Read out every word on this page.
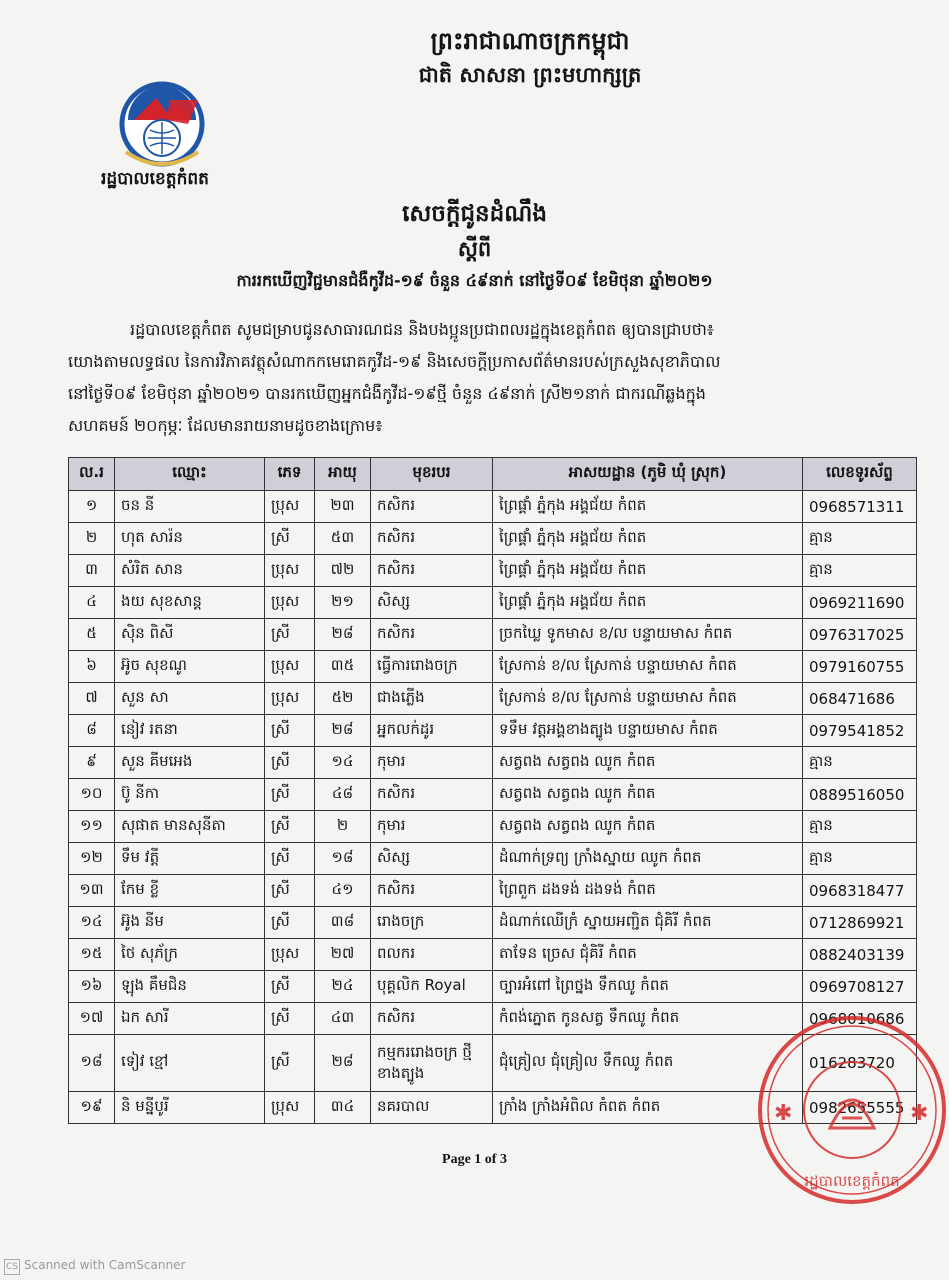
ព្រះរាជាណាចក្រកម្ពុជា
ជាតិ សាសនា ព្រះមហាក្សត្រ
រដ្ឋបាលខេត្តកំពត
សេចក្តីជូនដំណឹង
ស្តីពី
ការរកឃើញវិជ្ជមានជំងឺកូវីដ-១៩ ចំនួន ៤៩នាក់ នៅថ្ងៃទី០៩ ខែមិថុនា ឆ្នាំ២០២១

រដ្ឋបាលខេត្តកំពត សូមជម្រាបជូនសាធារណជន និងបងប្អូនប្រជាពលរដ្ឋក្នុងខេត្តកំពត ឲ្យបានជ្រាបថា៖

យោងតាមលទ្ធផល នៃការវិភាគវត្ថុសំណាកកមេរោគកូវីដ-១៩ និងសេចក្តីប្រកាសព័ត៌មានរបស់ក្រសួងសុខាភិបាល

នៅថ្ងៃទី០៩ ខែមិថុនា ឆ្នាំ២០២១ បានរកឃើញអ្នកជំងឺកូវីដ-១៩ថ្មី ចំនួន ៤៩នាក់ ស្រី២១នាក់ ជាករណីឆ្លងក្នុង

សហគមន៍ ២០កុម្ភៈ ដែលមានរាយនាមដូចខាងក្រោម៖

ល.រ	ឈ្មោះ	ភេទ	អាយុ	មុខរបរ	អាសយដ្ឋាន (ភូមិ ឃុំ ស្រុក)	លេខទូរស័ព្ទ
១	ចន នី	ប្រុស	២៣	កសិករ	ព្រៃផ្គាំ ភ្នំកុង អង្គជ័យ កំពត	0968571311
២	ហុត សារ៉ន	ស្រី	៥៣	កសិករ	ព្រៃផ្គាំ ភ្នំកុង អង្គជ័យ កំពត	គ្មាន
៣	សំរិត សាន	ប្រុស	៧២	កសិករ	ព្រៃផ្គាំ ភ្នំកុង អង្គជ័យ កំពត	គ្មាន
៤	ងយ សុខសាន្ត	ប្រុស	២១	សិស្ស	ព្រៃផ្គាំ ភ្នំកុង អង្គជ័យ កំពត	0969211690
៥	ស៊ិន ពិសី	ស្រី	២៨	កសិករ	ច្រកឃ្លៃ ទូកមាស ខ/ល បន្ទាយមាស កំពត	0976317025
៦	អ៊ូច សុខណូ	ប្រុស	៣៥	ធ្វើការរោងចក្រ	ស្រែកាន់ ខ/ល ស្រែកាន់ បន្ទាយមាស កំពត	0979160755
៧	សួន សា	ប្រុស	៥២	ជាងភ្លើង	ស្រែកាន់ ខ/ល ស្រែកាន់ បន្ទាយមាស កំពត	068471686
៨	នៀវ រតនា	ស្រី	២៨	អ្នកលក់ដូរ	ទទឹម វត្តអង្គខាងត្បូង បន្ទាយមាស កំពត	0979541852
៩	សួន គីមអេង	ស្រី	១៤	កុមារ	សត្វពង សត្វពង ឈូក កំពត	គ្មាន
១០	ប៊ូ នីកា	ស្រី	៤៨	កសិករ	សត្វពង សត្វពង ឈូក កំពត	0889516050
១១	សុផាត មានសុនីតា	ស្រី	២	កុមារ	សត្វពង សត្វពង ឈូក កំពត	គ្មាន
១២	ទឹម វត្តី	ស្រី	១៨	សិស្ស	ដំណាក់ទ្រព្យ ក្រាំងស្នាយ ឈូក កំពត	គ្មាន
១៣	កែម ខ្លី	ស្រី	៤១	កសិករ	ព្រៃពួក ដងទង់ ដងទង់ កំពត	0968318477
១៤	អ៊ូង នីម	ស្រី	៣៨	រោងចក្រ	ដំណាក់ឈើក្រំ ស្នាយអញ្ជិត ជុំគិរី កំពត	0712869921
១៥	ថៃ សុភ័ក្រ	ប្រុស	២៧	ពលករ	តាទែន ច្រេស ជុំគិរី កំពត	0882403139
១៦	ឡុង គឹមជិន	ស្រី	២៤	បុគ្គលិក Royal	ច្បារអំពៅ ព្រៃថ្នង ទឹកឈូ កំពត	0969708127
១៧	ឯក សារី	ស្រី	៤៣	កសិករ	កំពង់ភ្នោត កូនសត្វ ទឹកឈូ កំពត	0968010686
១៨	ទៀវ ខ្មៅ	ស្រី	២៨	កម្មកររោងចក្រ ថ្មី ខាងត្បូង	ជុំគ្រៀល ជុំគ្រៀល ទឹកឈូ កំពត	016283720
១៩	និ មន្នីបូរី	ប្រុស	៣៤	នគរបាល	ក្រាំង ក្រាំងអំពិល កំពត កំពត	0982655555
✱	✱
រដ្ឋបាលខេត្តកំពត
Page 1 of 3
CS Scanned with CamScanner
